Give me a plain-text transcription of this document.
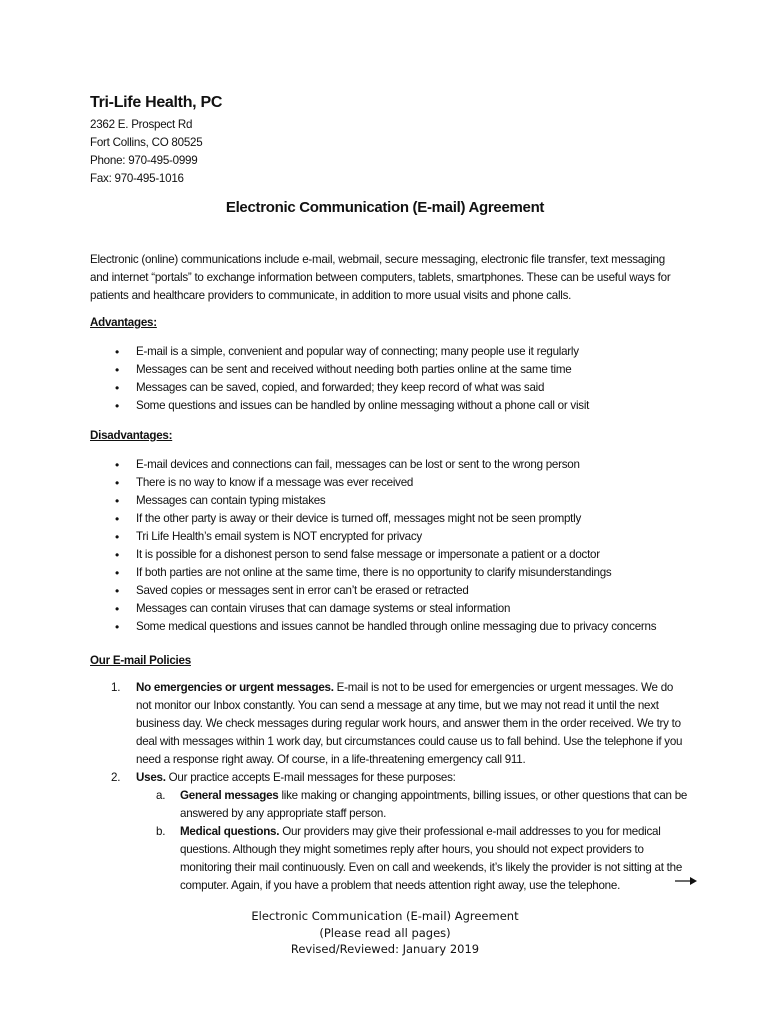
Tri-Life Health, PC
2362 E. Prospect Rd
Fort Collins, CO 80525
Phone: 970-495-0999
Fax: 970-495-1016
Electronic Communication (E-mail) Agreement

Electronic (online) communications include e-mail, webmail, secure messaging, electronic file transfer, text messaging and internet “portals” to exchange information between computers, tablets, smartphones. These can be useful ways for patients and healthcare providers to communicate, in addition to more usual visits and phone calls.

Advantages:
• E-mail is a simple, convenient and popular way of connecting; many people use it regularly
• Messages can be sent and received without needing both parties online at the same time
• Messages can be saved, copied, and forwarded; they keep record of what was said
• Some questions and issues can be handled by online messaging without a phone call or visit
Disadvantages:
• E-mail devices and connections can fail, messages can be lost or sent to the wrong person
• There is no way to know if a message was ever received
• Messages can contain typing mistakes
• If the other party is away or their device is turned off, messages might not be seen promptly
• Tri Life Health’s email system is NOT encrypted for privacy
• It is possible for a dishonest person to send false message or impersonate a patient or a doctor
• If both parties are not online at the same time, there is no opportunity to clarify misunderstandings
• Saved copies or messages sent in error can’t be erased or retracted
• Messages can contain viruses that can damage systems or steal information
• Some medical questions and issues cannot be handled through online messaging due to privacy concerns
Our E-mail Policies
1. No emergencies or urgent messages. E-mail is not to be used for emergencies or urgent messages. We do not monitor our Inbox constantly. You can send a message at any time, but we may not read it until the next business day. We check messages during regular work hours, and answer them in the order received. We try to deal with messages within 1 work day, but circumstances could cause us to fall behind. Use the telephone if you need a response right away. Of course, in a life-threatening emergency call 911.
2. Uses. Our practice accepts E-mail messages for these purposes:
a. General messages like making or changing appointments, billing issues, or other questions that can be answered by any appropriate staff person.
b. Medical questions. Our providers may give their professional e-mail addresses to you for medical questions. Although they might sometimes reply after hours, you should not expect providers to monitoring their mail continuously. Even on call and weekends, it’s likely the provider is not sitting at the computer. Again, if you have a problem that needs attention right away, use the telephone.
Electronic Communication (E-mail) Agreement
(Please read all pages)
Revised/Reviewed: January 2019
